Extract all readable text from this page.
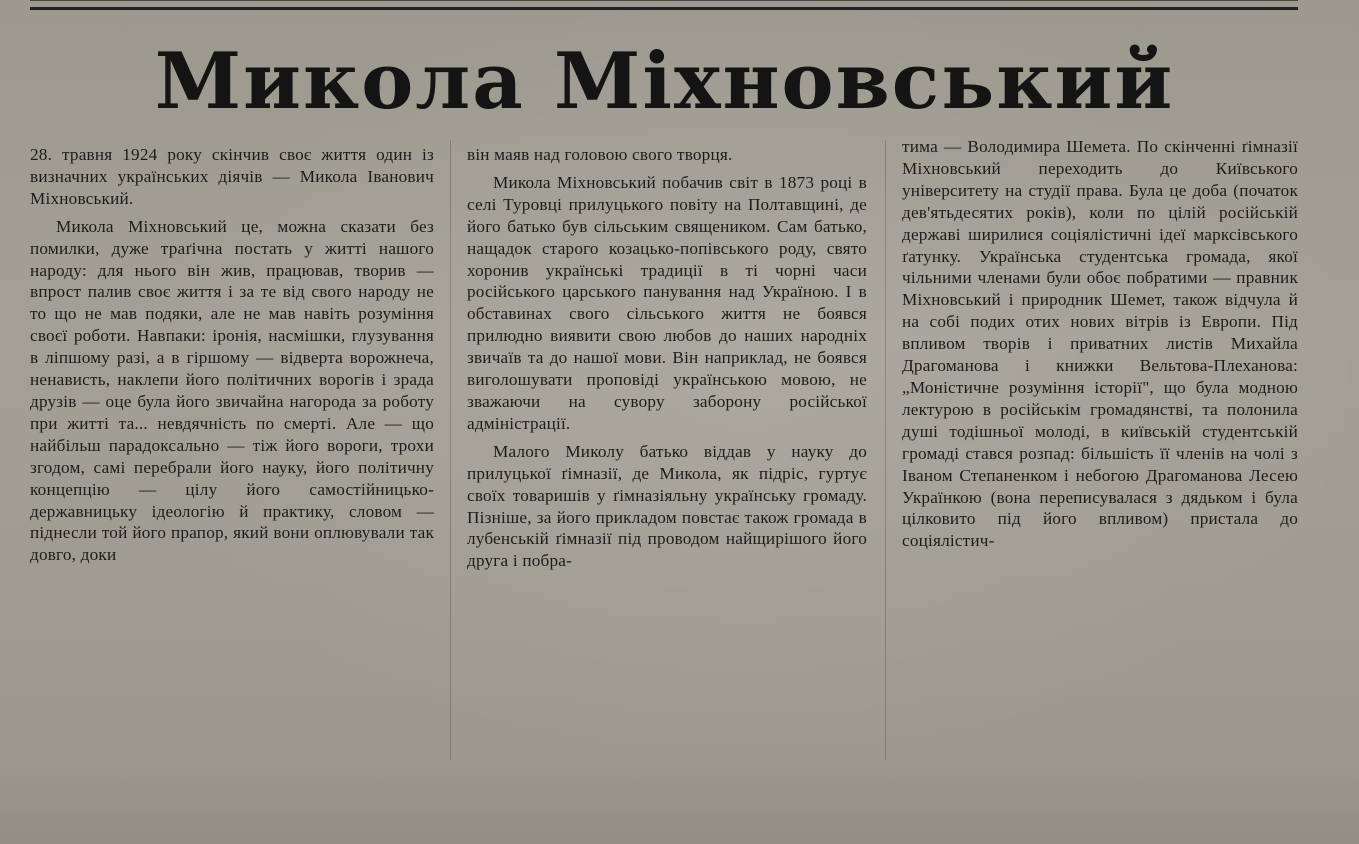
Микола Міхновський

28. травня 1924 року скінчив своє життя один із визначних українських діячів — Микола Іванович Міхновський.

Микола Міхновський це, можна сказати без помилки, дуже траґічна постать у житті нашого народу: для нього він жив, працював, творив — впрост палив своє життя і за те від свого народу не то що не мав подяки, але не мав навіть розуміння своєї роботи. Навпаки: іронія, насмішки, глузування в ліпшому разі, а в гіршому — відверта ворожнеча, ненависть, наклепи його політичних ворогів і зрада друзів — оце була його звичайна нагорода за роботу при житті та... невдячність по смерті. Але — що найбільш парадоксально — тіж його вороги, трохи згодом, самі перебрали його науку, його політичну концепцію — цілу його самостійницько-державницьку ідеологію й практику, словом — піднесли той його прапор, який вони оплювували так довго, доки

він маяв над головою свого творця.

Микола Міхновський побачив світ в 1873 році в селі Туровці прилуцького повіту на Полтавщині, де його батько був сільським священиком. Сам батько, нащадок старого козацько-попівського роду, свято хоронив українські традиції в ті чорні часи російського царського панування над Україною. І в обставинах свого сільського життя не боявся прилюдно виявити свою любов до наших народніх звичаїв та до нашої мови. Він наприклад, не боявся виголошувати проповіді українською мовою, не зважаючи на сувору заборону російської адміністрації.

Малого Миколу батько віддав у науку до прилуцької ґімназії, де Микола, як підріс, гуртує своїх товаришів у ґімназіяльну українську громаду. Пізніше, за його прикладом повстає також громада в лубенській ґімназії під проводом найщирішого його друга і побра-

тима — Володимира Шемета. По скінченні ґімназії Міхновський переходить до Київського університету на студії права. Була це доба (початок дев'ятьдесятих років), коли по цілій російській державі ширилися соціялістичні ідеї марксівського ґатунку. Українська студентська громада, якої чільними членами були обоє побратими — правник Міхновський і природник Шемет, також відчула й на собі подих отих нових вітрів із Европи. Під впливом творів і приватних листів Михайла Драгоманова і книжки Вельтова-Плеханова: „Моністичне розуміння історії", що була модною лектурою в російськім громадянстві, та полонила душі тодішньої молоді, в київській студентській громаді стався розпад: більшість її членів на чолі з Іваном Степаненком і небогою Драгоманова Лесею Українкою (вона переписувалася з дядьком і була цілковито під його впливом) пристала до соціялістич-
